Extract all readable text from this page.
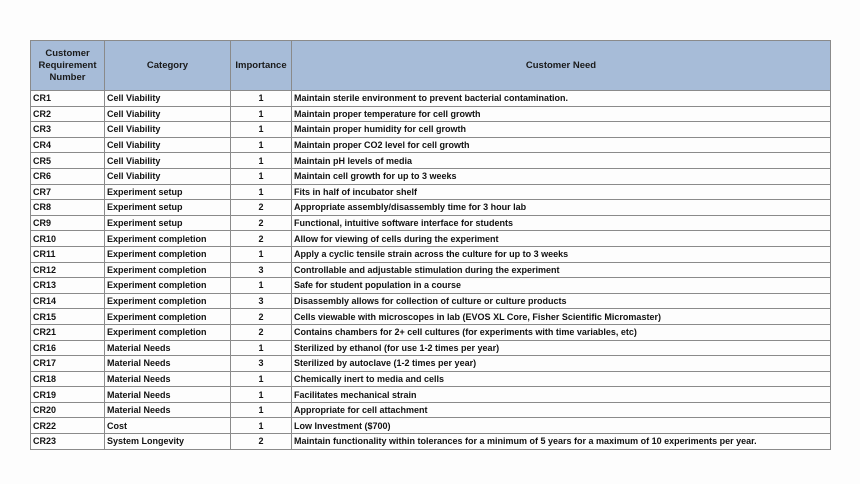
Customer Requirement Number	Category	Importance	Customer Need
CR1	Cell Viability	1	Maintain sterile environment to prevent bacterial contamination.
CR2	Cell Viability	1	Maintain proper temperature for cell growth
CR3	Cell Viability	1	Maintain proper humidity for cell growth
CR4	Cell Viability	1	Maintain proper CO2 level for cell growth
CR5	Cell Viability	1	Maintain pH levels of media
CR6	Cell Viability	1	Maintain cell growth for up to 3 weeks
CR7	Experiment setup	1	Fits in half of incubator shelf
CR8	Experiment setup	2	Appropriate assembly/disassembly time for 3 hour lab
CR9	Experiment setup	2	Functional, intuitive software interface for students
CR10	Experiment completion	2	Allow for viewing of cells during the experiment
CR11	Experiment completion	1	Apply a cyclic tensile strain across the culture for up to 3 weeks
CR12	Experiment completion	3	Controllable and adjustable stimulation during the experiment
CR13	Experiment completion	1	Safe for student population in a course
CR14	Experiment completion	3	Disassembly allows for collection of culture or culture products
CR15	Experiment completion	2	Cells viewable with microscopes in lab (EVOS XL Core, Fisher Scientific Micromaster)
CR21	Experiment completion	2	Contains chambers for 2+ cell cultures (for experiments with time variables, etc)
CR16	Material Needs	1	Sterilized by ethanol (for use 1-2 times per year)
CR17	Material Needs	3	Sterilized by autoclave (1-2 times per year)
CR18	Material Needs	1	Chemically inert to media and cells
CR19	Material Needs	1	Facilitates mechanical strain
CR20	Material Needs	1	Appropriate for cell attachment
CR22	Cost	1	Low Investment ($700)
CR23	System Longevity	2	Maintain functionality within tolerances for a minimum of 5 years for a maximum of 10 experiments per year.
